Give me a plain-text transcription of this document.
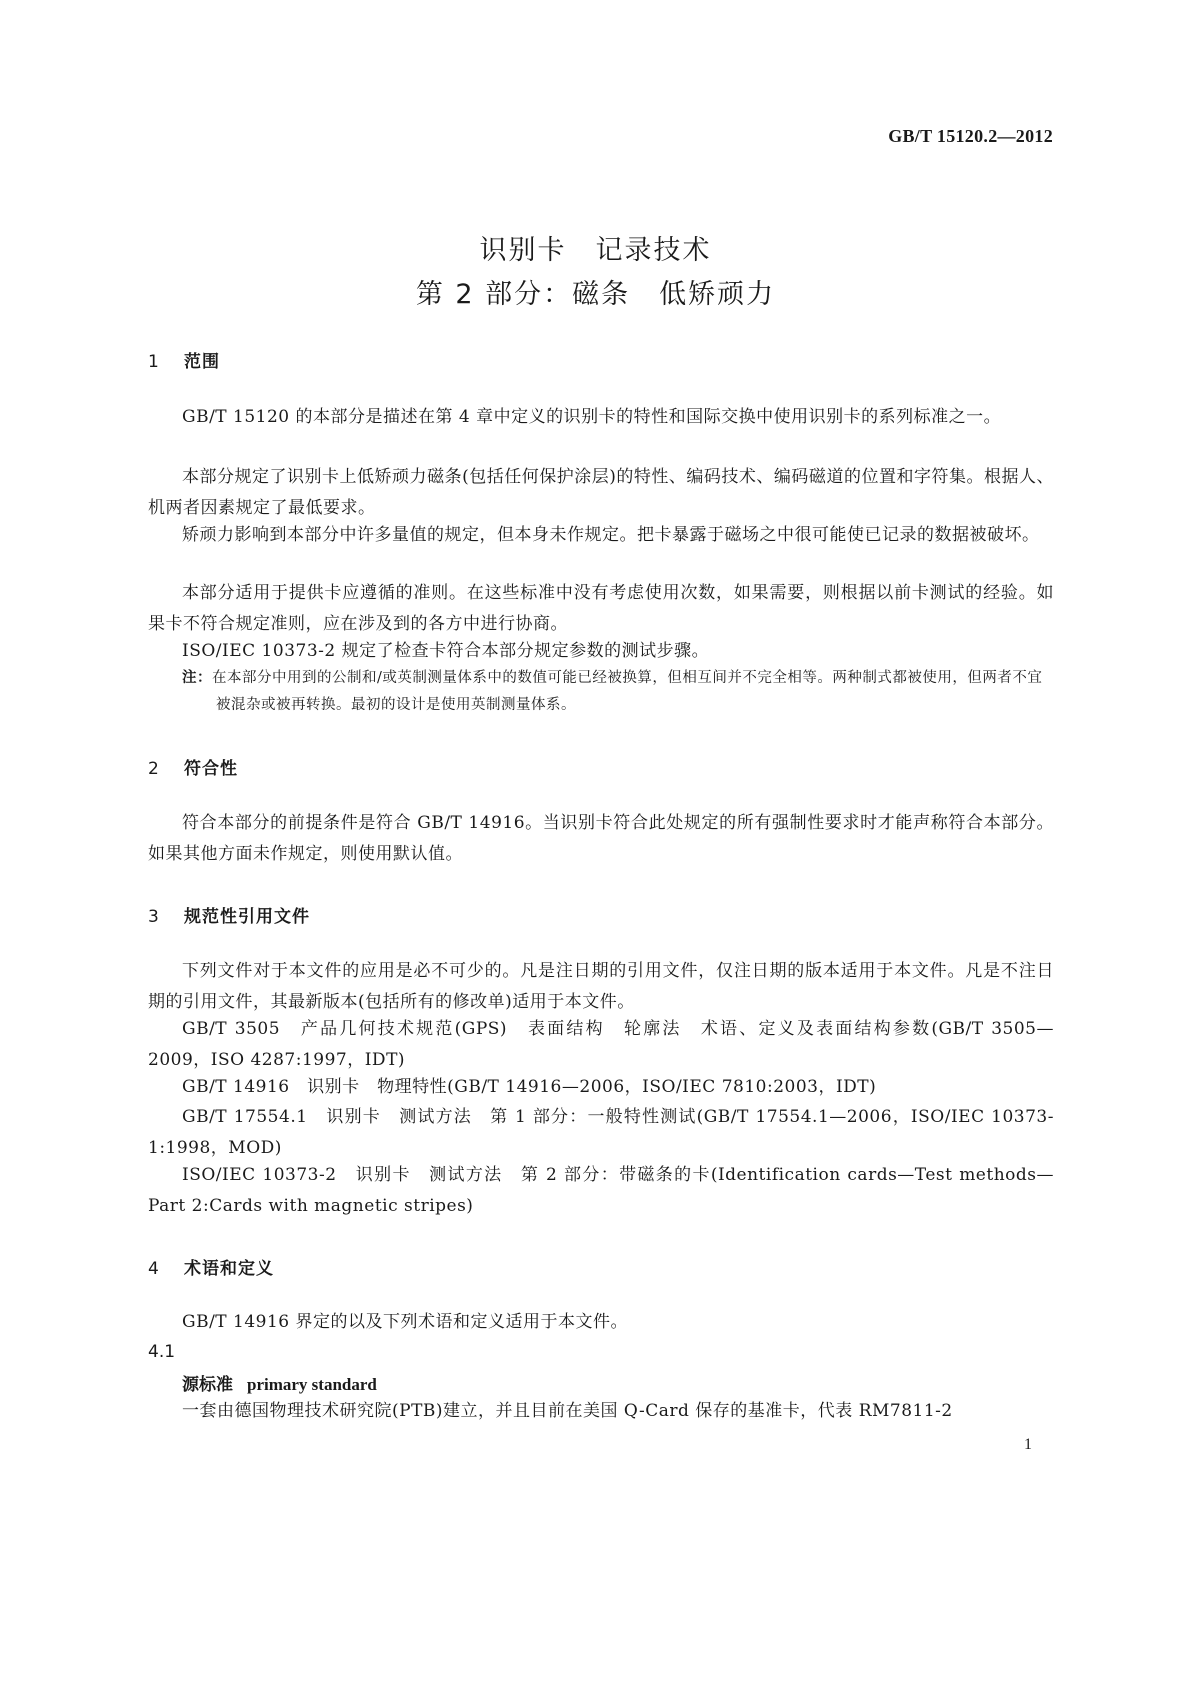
GB/T 15120.2—2012
识别卡　记录技术
第 2 部分：磁条　低矫顽力
1 范围
GB/T 15120 的本部分是描述在第 4 章中定义的识别卡的特性和国际交换中使用识别卡的系列标准之一。
本部分规定了识别卡上低矫顽力磁条(包括任何保护涂层)的特性、编码技术、编码磁道的位置和字符集。根据人、机两者因素规定了最低要求。
矫顽力影响到本部分中许多量值的规定，但本身未作规定。把卡暴露于磁场之中很可能使已记录的数据被破坏。
本部分适用于提供卡应遵循的准则。在这些标准中没有考虑使用次数，如果需要，则根据以前卡测试的经验。如果卡不符合规定准则，应在涉及到的各方中进行协商。
ISO/IEC 10373-2 规定了检查卡符合本部分规定参数的测试步骤。
注：在本部分中用到的公制和/或英制测量体系中的数值可能已经被换算，但相互间并不完全相等。两种制式都被使用，但两者不宜被混杂或被再转换。最初的设计是使用英制测量体系。
2 符合性
符合本部分的前提条件是符合 GB/T 14916。当识别卡符合此处规定的所有强制性要求时才能声称符合本部分。如果其他方面未作规定，则使用默认值。
3 规范性引用文件
下列文件对于本文件的应用是必不可少的。凡是注日期的引用文件，仅注日期的版本适用于本文件。凡是不注日期的引用文件，其最新版本(包括所有的修改单)适用于本文件。
GB/T 3505　产品几何技术规范(GPS)　表面结构　轮廓法　术语、定义及表面结构参数(GB/T 3505—2009，ISO 4287:1997，IDT)
GB/T 14916　识别卡　物理特性(GB/T 14916—2006，ISO/IEC 7810:2003，IDT)
GB/T 17554.1　识别卡　测试方法　第 1 部分：一般特性测试(GB/T 17554.1—2006，ISO/IEC 10373-1:1998，MOD)
ISO/IEC 10373-2　识别卡　测试方法　第 2 部分：带磁条的卡(Identification cards—Test methods—Part 2:Cards with magnetic stripes)
4 术语和定义
GB/T 14916 界定的以及下列术语和定义适用于本文件。
4.1
源标准 primary standard
一套由德国物理技术研究院(PTB)建立，并且目前在美国 Q-Card 保存的基准卡，代表 RM7811-2
1
